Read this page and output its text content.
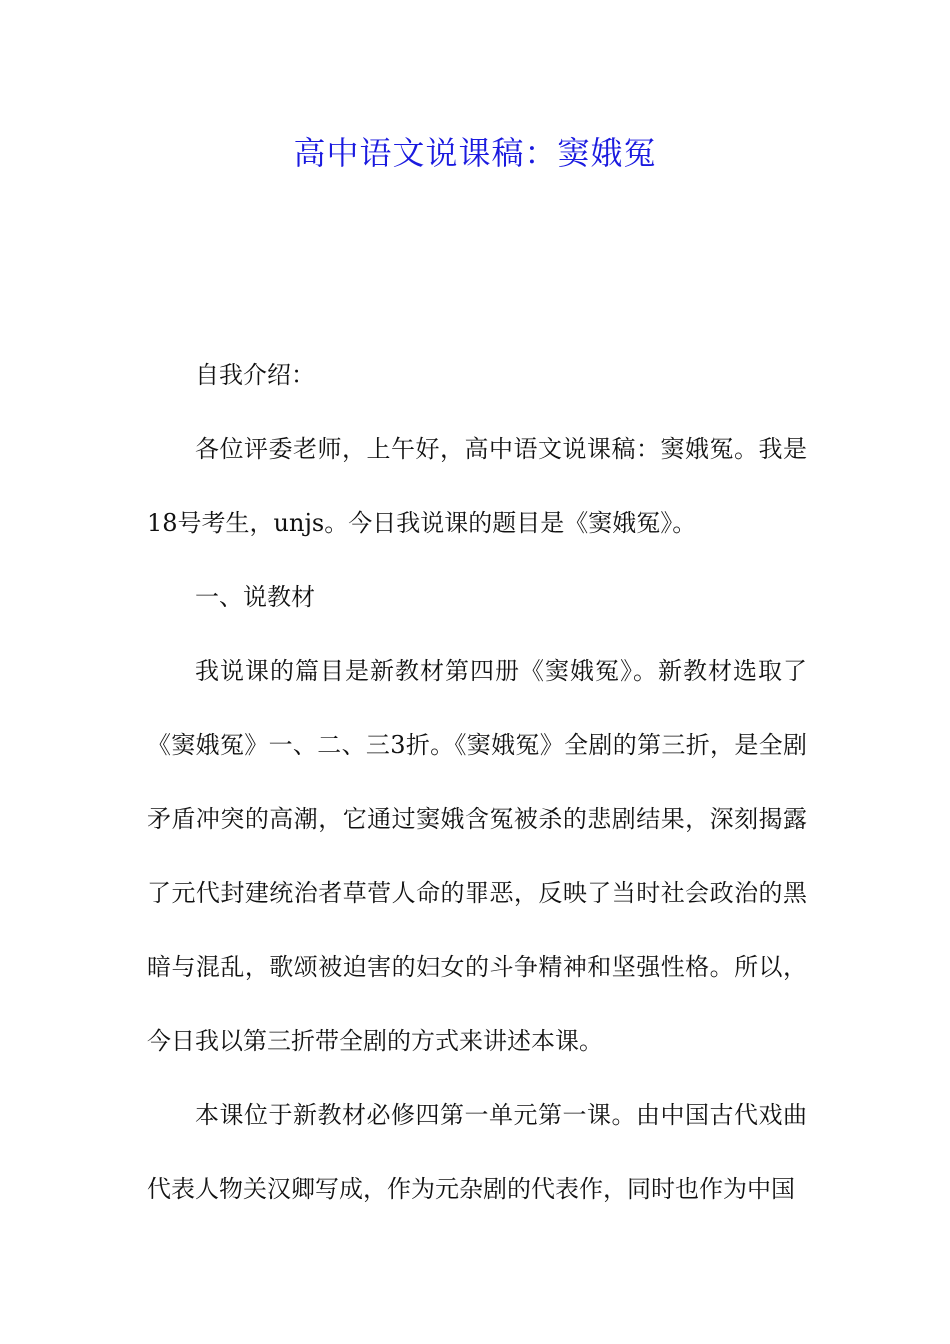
高中语文说课稿：窦娥冤

自我介绍：

各位评委老师，上午好，高中语文说课稿：窦娥冤。我是18号考生，unjs。今日我说课的题目是《窦娥冤》。

一、说教材

我说课的篇目是新教材第四册《窦娥冤》。新教材选取了《窦娥冤》一、二、三3折。《窦娥冤》全剧的第三折，是全剧矛盾冲突的高潮，它通过窦娥含冤被杀的悲剧结果，深刻揭露了元代封建统治者草菅人命的罪恶，反映了当时社会政治的黑暗与混乱，歌颂被迫害的妇女的斗争精神和坚强性格。所以，今日我以第三折带全剧的方式来讲述本课。

本课位于新教材必修四第一单元第一课。由中国古代戏曲代表人物关汉卿写成，作为元杂剧的代表作，同时也作为中国
